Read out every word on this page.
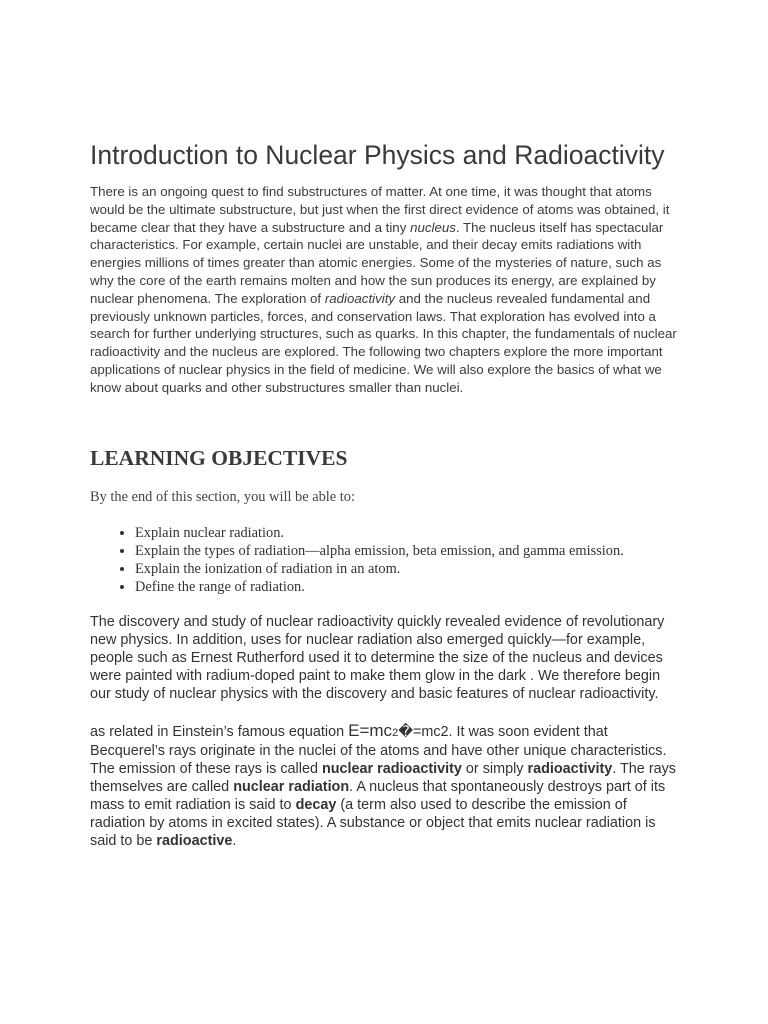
Introduction to Nuclear Physics and Radioactivity

There is an ongoing quest to find substructures of matter. At one time, it was thought that atoms would be the ultimate substructure, but just when the first direct evidence of atoms was obtained, it became clear that they have a substructure and a tiny nucleus. The nucleus itself has spectacular characteristics. For example, certain nuclei are unstable, and their decay emits radiations with energies millions of times greater than atomic energies. Some of the mysteries of nature, such as why the core of the earth remains molten and how the sun produces its energy, are explained by nuclear phenomena. The exploration of radioactivity and the nucleus revealed fundamental and previously unknown particles, forces, and conservation laws. That exploration has evolved into a search for further underlying structures, such as quarks. In this chapter, the fundamentals of nuclear radioactivity and the nucleus are explored. The following two chapters explore the more important applications of nuclear physics in the field of medicine. We will also explore the basics of what we know about quarks and other substructures smaller than nuclei.

LEARNING OBJECTIVES

By the end of this section, you will be able to:

• Explain nuclear radiation.
• Explain the types of radiation—alpha emission, beta emission, and gamma emission.
• Explain the ionization of radiation in an atom.
• Define the range of radiation.

The discovery and study of nuclear radioactivity quickly revealed evidence of revolutionary new physics. In addition, uses for nuclear radiation also emerged quickly—for example, people such as Ernest Rutherford used it to determine the size of the nucleus and devices were painted with radium-doped paint to make them glow in the dark . We therefore begin our study of nuclear physics with the discovery and basic features of nuclear radioactivity.

as related in Einstein’s famous equation E=mc2�=mc2. It was soon evident that Becquerel’s rays originate in the nuclei of the atoms and have other unique characteristics. The emission of these rays is called nuclear radioactivity or simply radioactivity. The rays themselves are called nuclear radiation. A nucleus that spontaneously destroys part of its mass to emit radiation is said to decay (a term also used to describe the emission of radiation by atoms in excited states). A substance or object that emits nuclear radiation is said to be radioactive.
